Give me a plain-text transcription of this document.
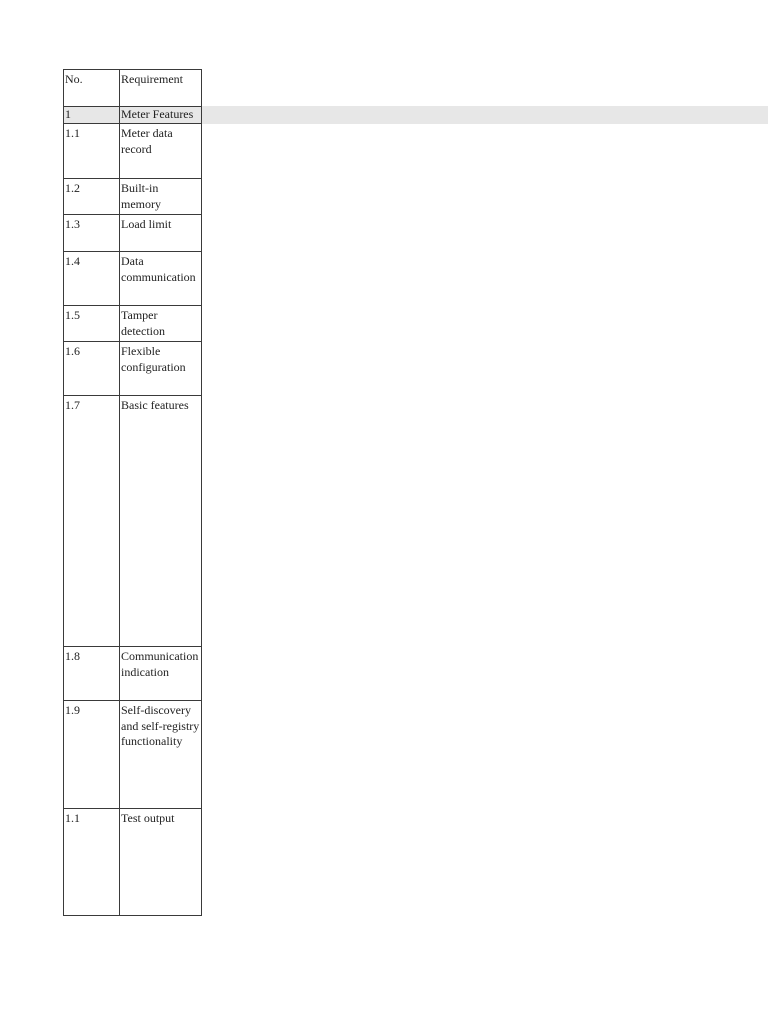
No.	Requirement
1	Meter Features
1.1	Meter data record
1.2	Built-in memory
1.3	Load limit
1.4	Data communication
1.5	Tamper detection
1.6	Flexible configuration
1.7	Basic features
1.8	Communication indication
1.9	Self-discovery and self-registry functionality
1.1	Test output
